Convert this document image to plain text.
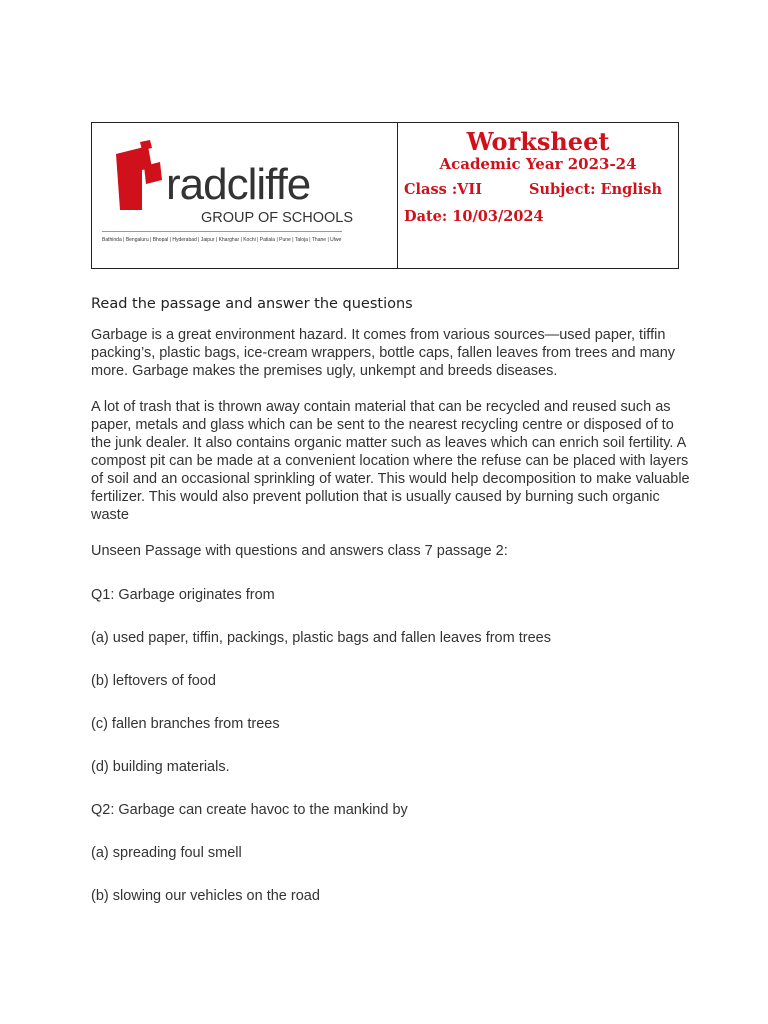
radcliffe
GROUP OF SCHOOLS
Bathinda | Bengaluru | Bhopal | Hyderabad | Jaipur | Kharghar | Kochi | Patiala | Pune | Taloja | Thane | Ulwe
Worksheet
Academic Year 2023-24
Class :VII	Subject: English
Date: 10/03/2024

Read the passage and answer the questions

Garbage is a great environment hazard. It comes from various sources—used paper, tiffin packing’s, plastic bags, ice-cream wrappers, bottle caps, fallen leaves from trees and many more. Garbage makes the premises ugly, unkempt and breeds diseases.

A lot of trash that is thrown away contain material that can be recycled and reused such as paper, metals and glass which can be sent to the nearest recycling centre or disposed of to the junk dealer. It also contains organic matter such as leaves which can enrich soil fertility. A compost pit can be made at a convenient location where the refuse can be placed with layers of soil and an occasional sprinkling of water. This would help decomposition to make valuable fertilizer. This would also prevent pollution that is usually caused by burning such organic waste

Unseen Passage with questions and answers class 7 passage 2:

Q1: Garbage originates from

(a) used paper, tiffin, packings, plastic bags and fallen leaves from trees

(b) leftovers of food

(c) fallen branches from trees

(d) building materials.

Q2: Garbage can create havoc to the mankind by

(a) spreading foul smell

(b) slowing our vehicles on the road
